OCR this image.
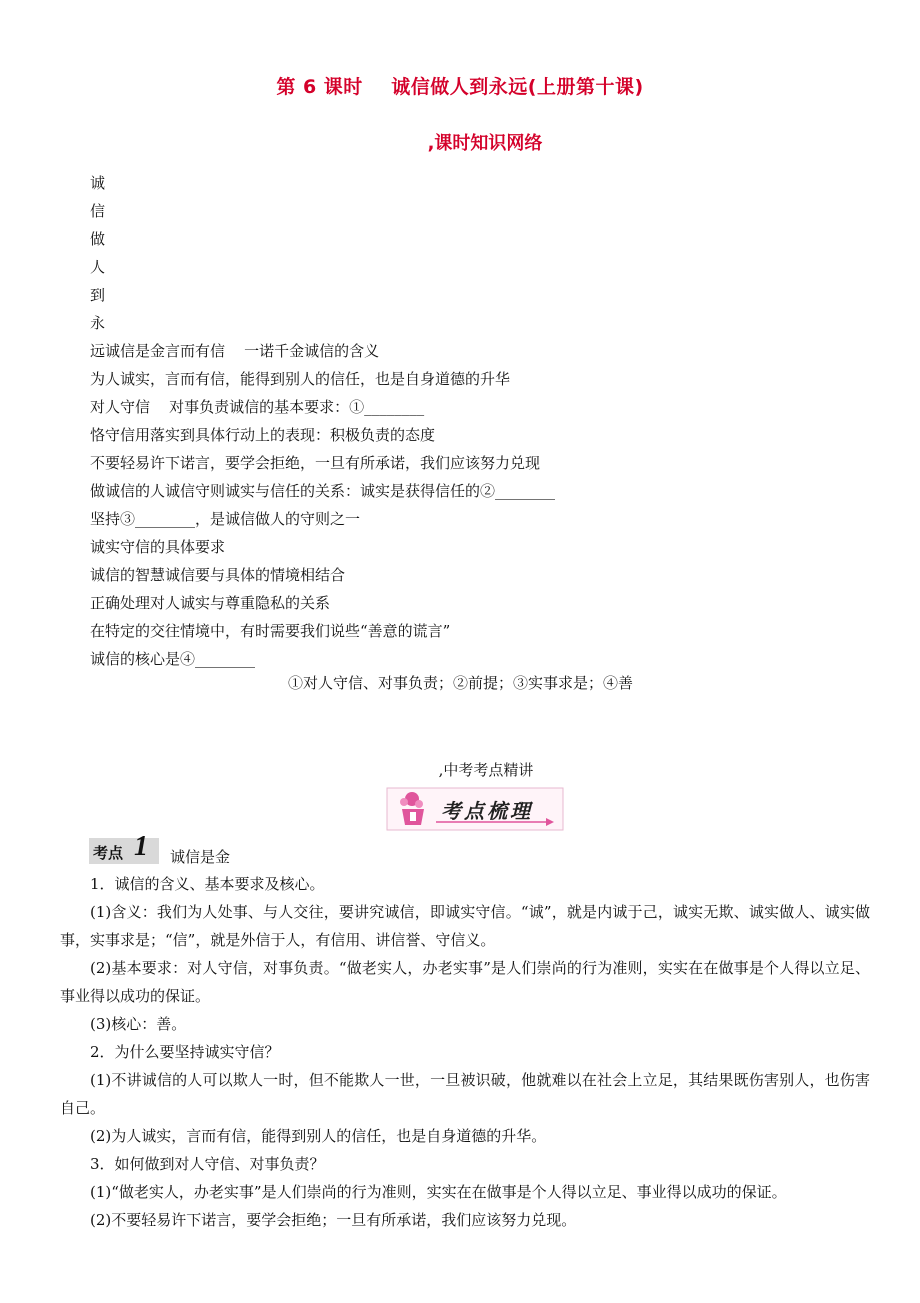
第 6 课时    诚信做人到永远(上册第十课)
,课时知识网络
诚
信
做
人
到
永
远诚信是金言而有信    一诺千金诚信的含义
为人诚实，言而有信，能得到别人的信任，也是自身道德的升华
对人守信    对事负责诚信的基本要求：①________
恪守信用落实到具体行动上的表现：积极负责的态度
不要轻易许下诺言，要学会拒绝，一旦有所承诺，我们应该努力兑现
做诚信的人诚信守则诚实与信任的关系：诚实是获得信任的②________
坚持③________，是诚信做人的守则之一
诚实守信的具体要求
诚信的智慧诚信要与具体的情境相结合
正确处理对人诚实与尊重隐私的关系
在特定的交往情境中，有时需要我们说些“善意的谎言”
诚信的核心是④________
①对人守信、对事负责；②前提；③实事求是；④善
,中考考点精讲
考点梳理
考点 1 诚信是金

1．诚信的含义、基本要求及核心。

(1)含义：我们为人处事、与人交往，要讲究诚信，即诚实守信。“诚”，就是内诚于己，诚实无欺、诚实做人、诚实做事，实事求是；“信”，就是外信于人，有信用、讲信誉、守信义。

(2)基本要求：对人守信，对事负责。“做老实人，办老实事”是人们崇尚的行为准则，实实在在做事是个人得以立足、事业得以成功的保证。

(3)核心：善。

2．为什么要坚持诚实守信？

(1)不讲诚信的人可以欺人一时，但不能欺人一世，一旦被识破，他就难以在社会上立足，其结果既伤害别人，也伤害自己。

(2)为人诚实，言而有信，能得到别人的信任，也是自身道德的升华。

3．如何做到对人守信、对事负责？

(1)“做老实人，办老实事”是人们崇尚的行为准则，实实在在做事是个人得以立足、事业得以成功的保证。

(2)不要轻易许下诺言，要学会拒绝；一旦有所承诺，我们应该努力兑现。
